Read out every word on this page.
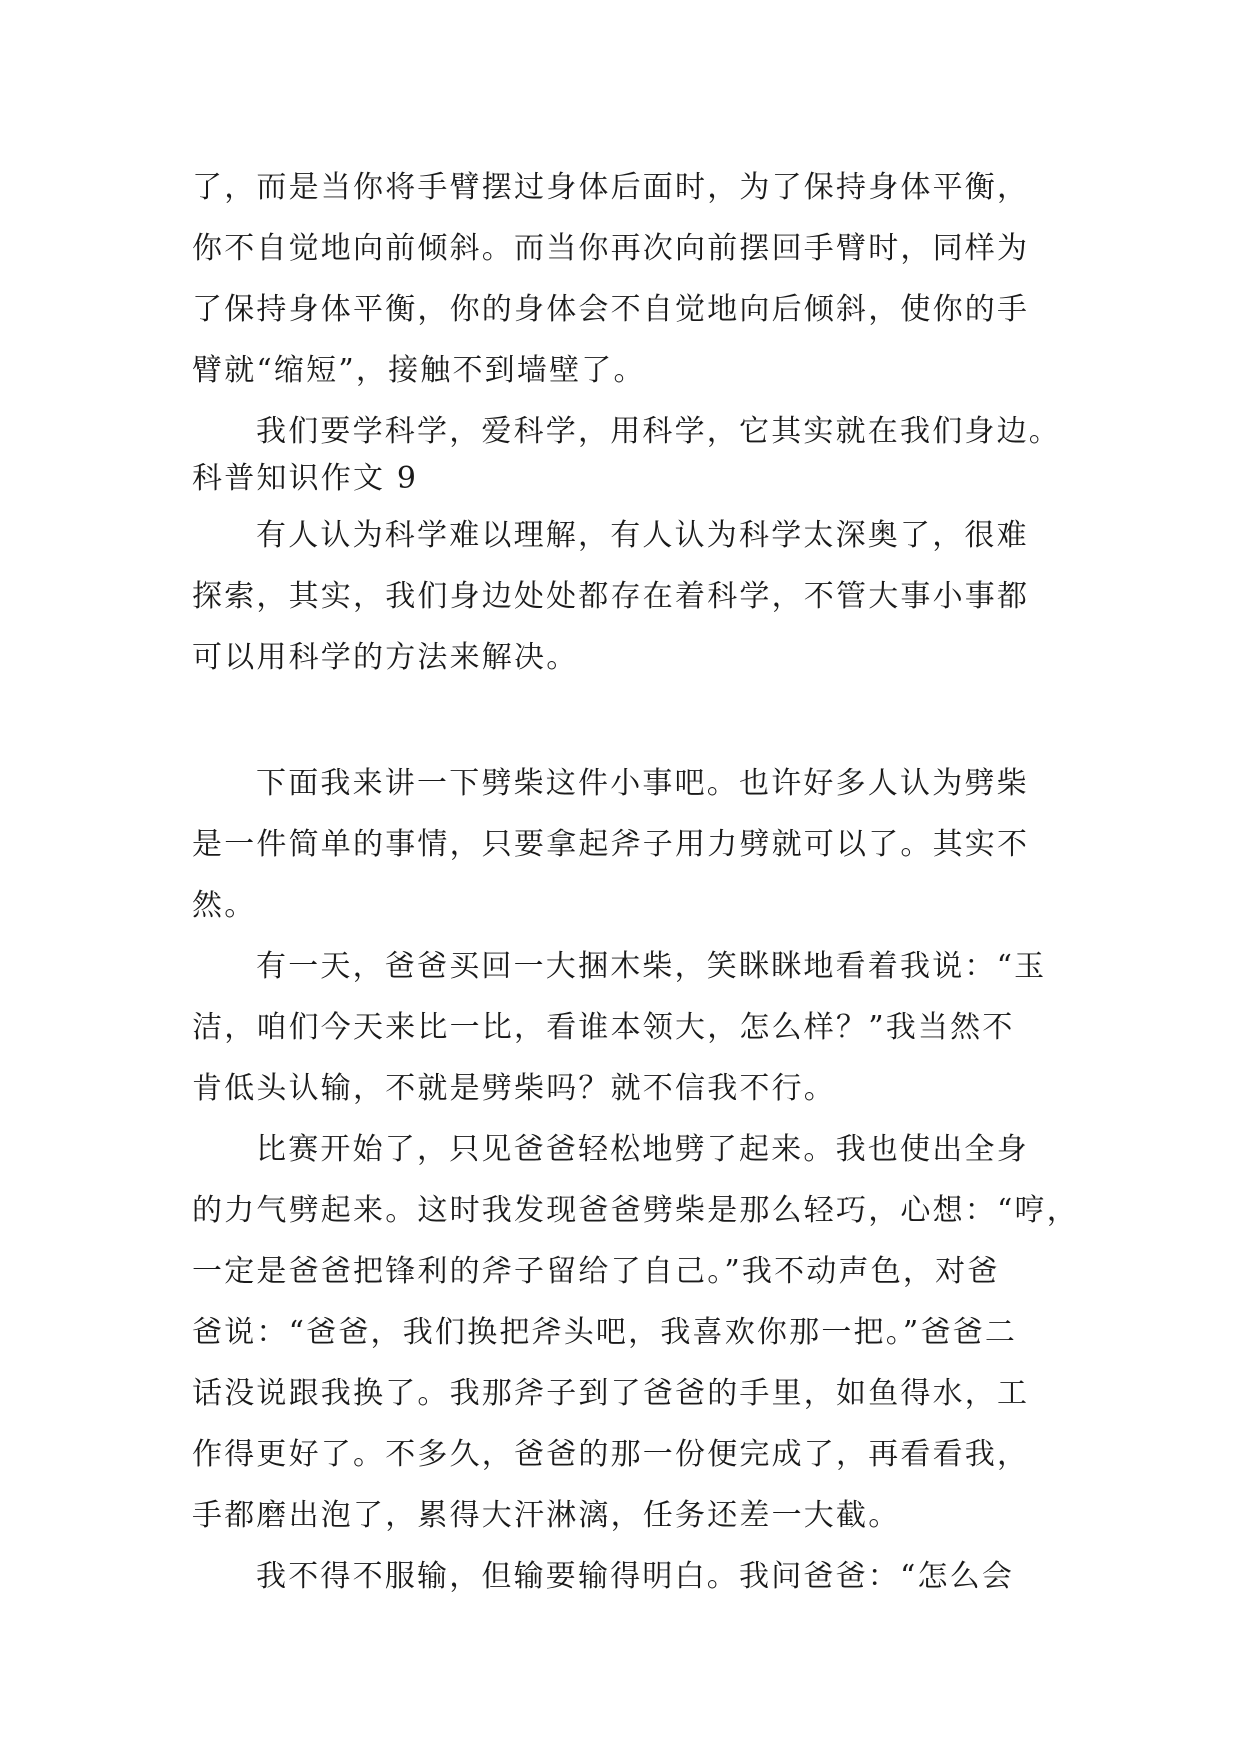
了，而是当你将手臂摆过身体后面时，为了保持身体平衡，
你不自觉地向前倾斜。而当你再次向前摆回手臂时，同样为
了保持身体平衡，你的身体会不自觉地向后倾斜，使你的手
臂就“缩短”，接触不到墙壁了。
我们要学科学，爱科学，用科学，它其实就在我们身边。
科普知识作文 9
有人认为科学难以理解，有人认为科学太深奥了，很难
探索，其实，我们身边处处都存在着科学，不管大事小事都
可以用科学的方法来解决。
下面我来讲一下劈柴这件小事吧。也许好多人认为劈柴
是一件简单的事情，只要拿起斧子用力劈就可以了。其实不
然。
有一天，爸爸买回一大捆木柴，笑眯眯地看着我说：“玉
洁，咱们今天来比一比，看谁本领大，怎么样？”我当然不
肯低头认输，不就是劈柴吗？就不信我不行。
比赛开始了，只见爸爸轻松地劈了起来。我也使出全身
的力气劈起来。这时我发现爸爸劈柴是那么轻巧，心想：“哼，
一定是爸爸把锋利的斧子留给了自己。”我不动声色，对爸
爸说：“爸爸，我们换把斧头吧，我喜欢你那一把。”爸爸二
话没说跟我换了。我那斧子到了爸爸的手里，如鱼得水，工
作得更好了。不多久，爸爸的那一份便完成了，再看看我，
手都磨出泡了，累得大汗淋漓，任务还差一大截。
我不得不服输，但输要输得明白。我问爸爸：“怎么会
